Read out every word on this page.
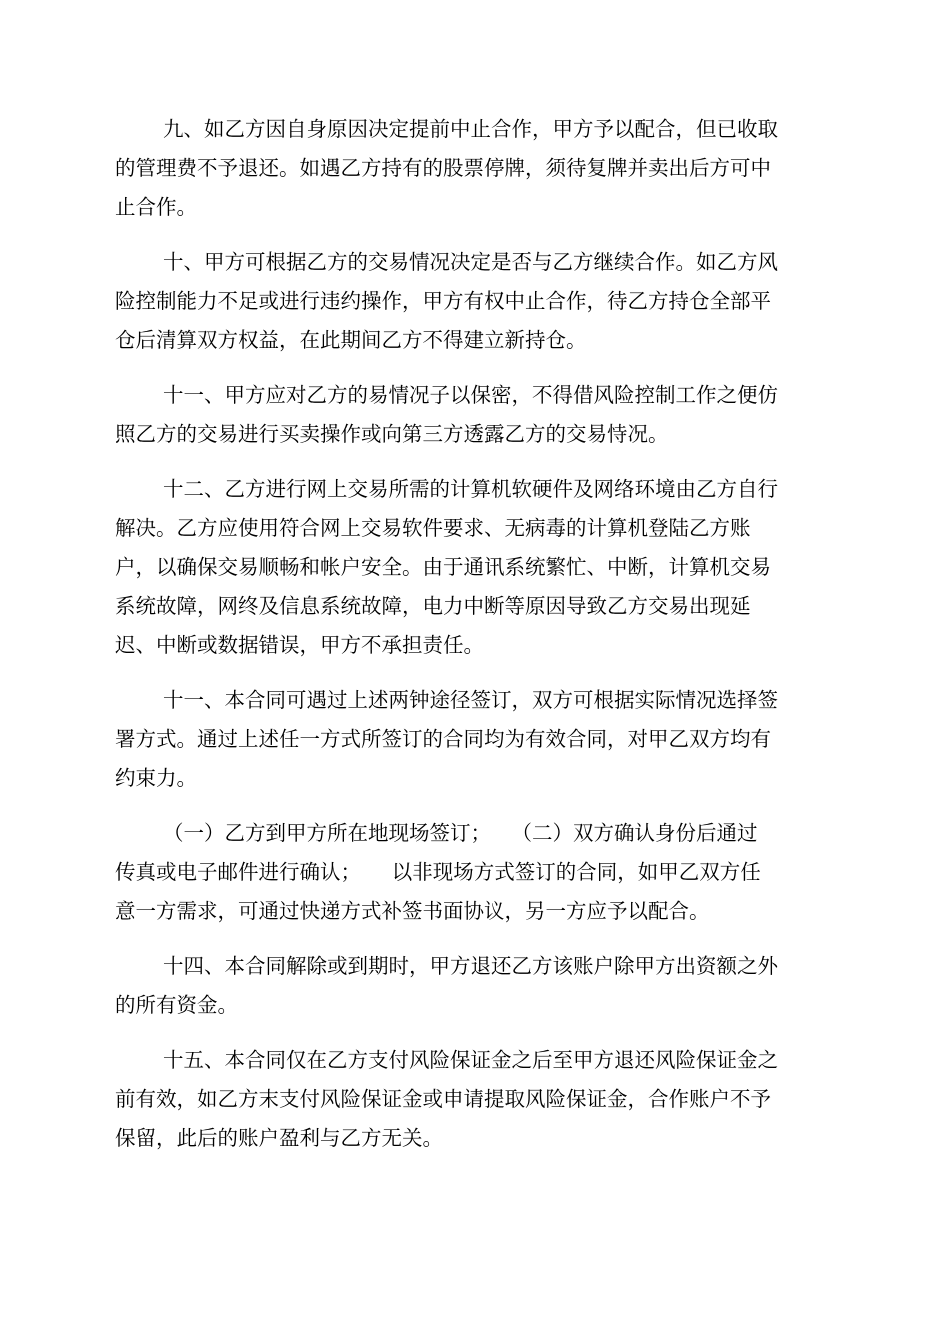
九、如乙方因自身原因决定提前中止合作，甲方予以配合，但已收取
的管理费不予退还。如遇乙方持有的股票停牌，须待复牌并卖出后方可中
止合作。
十、甲方可根据乙方的交易情况决定是否与乙方继续合作。如乙方风
险控制能力不足或进行违约操作，甲方有权中止合作，待乙方持仓全部平
仓后清算双方权益，在此期间乙方不得建立新持仓。
十一、甲方应对乙方的易情况子以保密，不得借风险控制工作之便仿
照乙方的交易进行买卖操作或向第三方透露乙方的交易恃况。
十二、乙方进行网上交易所需的计算机软硬件及网络环境由乙方自行
解决。乙方应使用符合网上交易软件要求、无病毒的计算机登陆乙方账
户，以确保交易顺畅和帐户安全。由于通讯系统繁忙、中断，计算机交易
系统故障，网终及信息系统故障，电力中断等原因导致乙方交易出现延
迟、中断或数据错误，甲方不承担责任。
十一、本合同可遇过上述两钟途径签订，双方可根据实际情况选择签
署方式。通过上述任一方式所签订的合同均为有效合同，对甲乙双方均有
约束力。
（一）乙方到甲方所在地现场签订；　　（二）双方确认身份后通过
传真或电子邮件进行确认；　　以非现场方式签订的合同，如甲乙双方任
意一方需求，可通过快递方式补签书面协议，另一方应予以配合。
十四、本合同解除或到期时，甲方退还乙方该账户除甲方出资额之外
的所有资金。
十五、本合同仅在乙方支付风险保证金之后至甲方退还风险保证金之
前有效，如乙方末支付风险保证金或申请提取风险保证金，合作账户不予
保留，此后的账户盈利与乙方无关。
